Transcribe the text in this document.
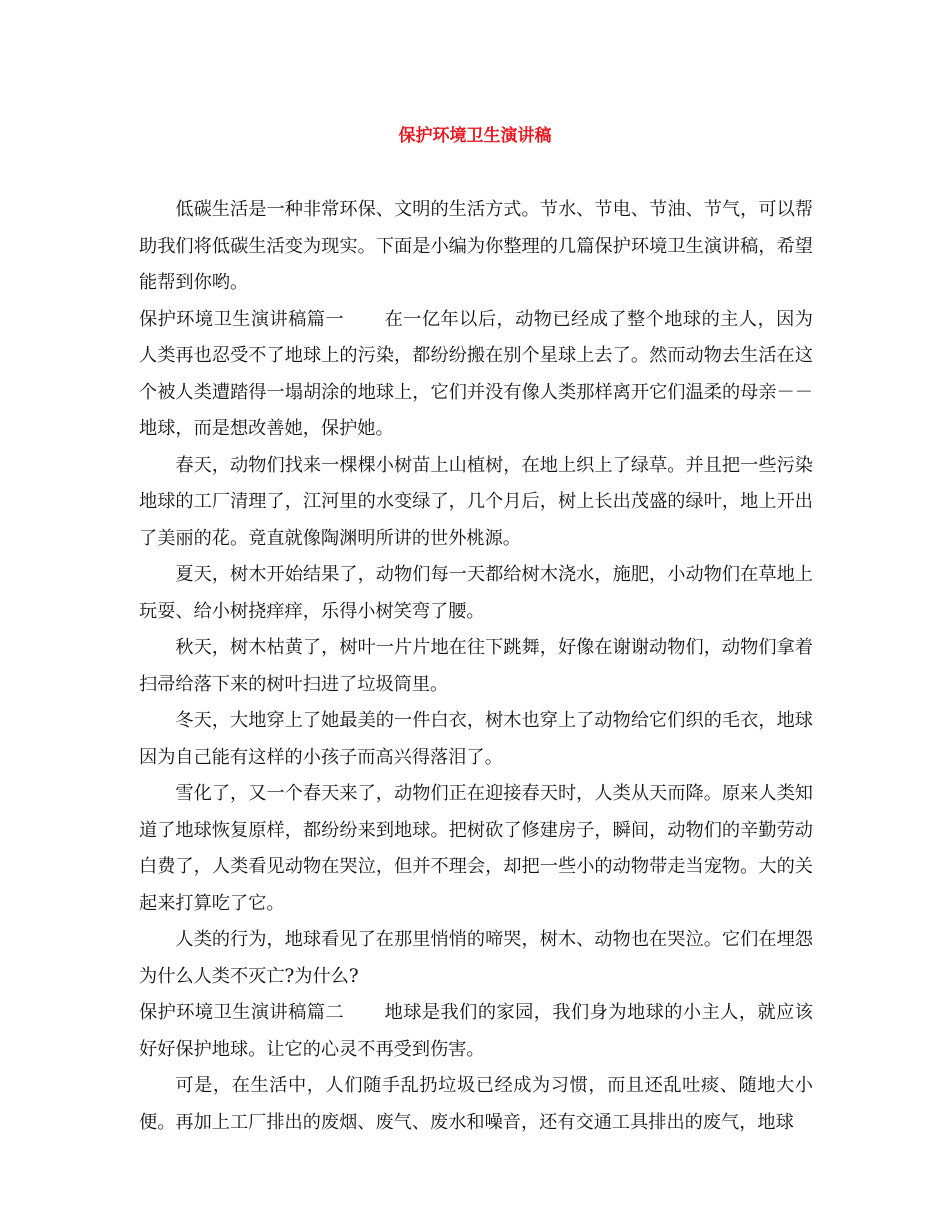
保护环境卫生演讲稿

低碳生活是一种非常环保、文明的生活方式。节水、节电、节油、节气，可以帮助我们将低碳生活变为现实。下面是小编为你整理的几篇保护环境卫生演讲稿，希望能帮到你哟。

保护环境卫生演讲稿篇一 在一亿年以后，动物已经成了整个地球的主人，因为人类再也忍受不了地球上的污染，都纷纷搬在别个星球上去了。然而动物去生活在这个被人类遭踏得一塌胡涂的地球上，它们并没有像人类那样离开它们温柔的母亲－－地球，而是想改善她，保护她。

春天，动物们找来一棵棵小树苗上山植树，在地上织上了绿草。并且把一些污染地球的工厂清理了，江河里的水变绿了，几个月后，树上长出茂盛的绿叶，地上开出了美丽的花。竟直就像陶渊明所讲的世外桃源。

夏天，树木开始结果了，动物们每一天都给树木浇水，施肥，小动物们在草地上玩耍、给小树挠痒痒，乐得小树笑弯了腰。

秋天，树木枯黄了，树叶一片片地在往下跳舞，好像在谢谢动物们，动物们拿着扫帚给落下来的树叶扫进了垃圾筒里。

冬天，大地穿上了她最美的一件白衣，树木也穿上了动物给它们织的毛衣，地球因为自己能有这样的小孩子而高兴得落泪了。

雪化了，又一个春天来了，动物们正在迎接春天时，人类从天而降。原来人类知道了地球恢复原样，都纷纷来到地球。把树砍了修建房子，瞬间，动物们的辛勤劳动白费了，人类看见动物在哭泣，但并不理会，却把一些小的动物带走当宠物。大的关起来打算吃了它。

人类的行为，地球看见了在那里悄悄的啼哭，树木、动物也在哭泣。它们在埋怨为什么人类不灭亡?为什么?

保护环境卫生演讲稿篇二 地球是我们的家园，我们身为地球的小主人，就应该好好保护地球。让它的心灵不再受到伤害。

可是，在生活中，人们随手乱扔垃圾已经成为习惯，而且还乱吐痰、随地大小便。再加上工厂排出的废烟、废气、废水和噪音，还有交通工具排出的废气，地球
